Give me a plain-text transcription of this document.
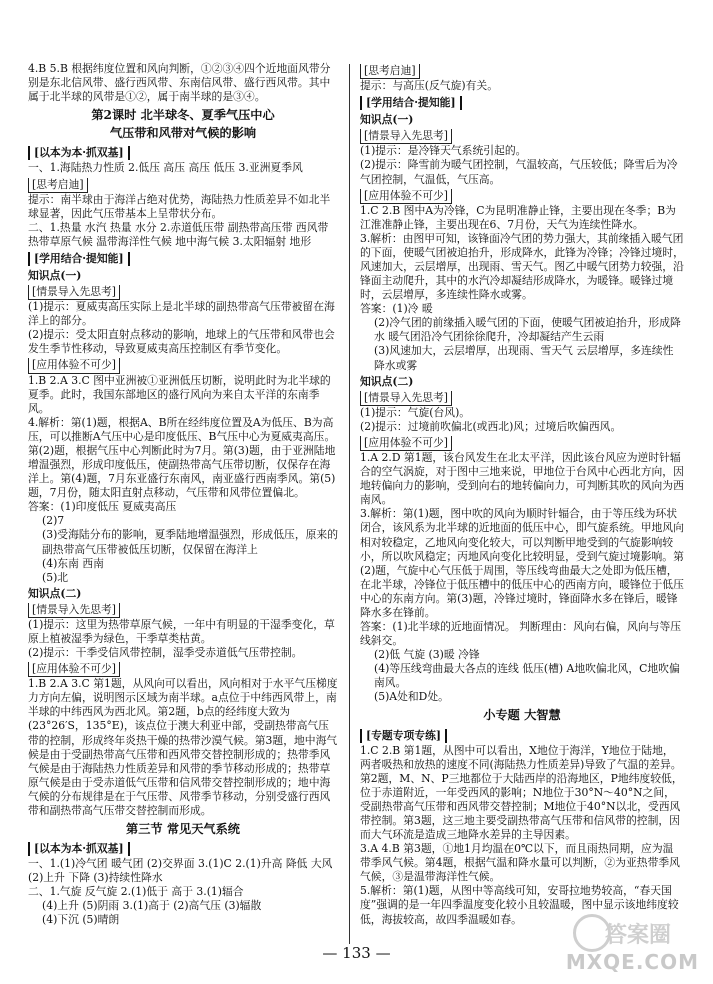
4.B 5.B 根据纬度位置和风向判断，①②③④四个近地面风带分别是东北信风带、盛行西风带、东南信风带、盛行西风带。其中属于北半球的风带是①②，属于南半球的是③④。

第2课时 北半球冬、夏季气压中心
气压带和风带对气候的影响
[以本为本·抓双基]

一、1.海陆热力性质 2.低压 高压 高压 低压 3.亚洲夏季风

[思考启迪]

提示：南半球由于海洋占绝对优势，海陆热力性质差异不如北半球显著，因此气压带基本上呈带状分布。

二、1.热量 水汽 热量 水分 2.赤道低压带 副热带高压带 西风带 热带草原气候 温带海洋性气候 地中海气候 3.太阳辐射 地形

[学用结合·提知能]
知识点(一)
[情景导入先思考]

(1)提示：夏威夷高压实际上是北半球的副热带高气压带被留在海洋上的部分。

(2)提示：受太阳直射点移动的影响，地球上的气压带和风带也会发生季节性移动，导致夏威夷高压控制区有季节变化。

[应用体验不可少]

1.B 2.A 3.C 图中亚洲被①亚洲低压切断，说明此时为北半球的夏季。此时，我国东部地区的盛行风向为来自太平洋的东南季风。

4.解析：第(1)题，根据A、B所在经纬度位置及A为低压、B为高压，可以推断A气压中心是印度低压、B气压中心为夏威夷高压。第(2)题，根据气压中心判断此时为7月。第(3)题，由于亚洲陆地增温强烈，形成印度低压，使副热带高气压带切断，仅保存在海洋上。第(4)题，7月东亚盛行东南风，南亚盛行西南季风。第(5)题，7月份，随太阳直射点移动，气压带和风带位置偏北。

答案：(1)印度低压 夏威夷高压

(2)7

(3)受海陆分布的影响，夏季陆地增温强烈，形成低压，原来的副热带高气压带被低压切断，仅保留在海洋上

(4)东南 西南

(5)北

知识点(二)
[情景导入先思考]

(1)提示：这里为热带草原气候，一年中有明显的干湿季变化，草原上植被湿季为绿色，干季草类枯黄。

(2)提示：干季受信风带控制，湿季受赤道低气压带控制。

[应用体验不可少]

1.B 2.A 3.C 第1题，从风向可以看出，风向相对于水平气压梯度力方向左偏，说明图示区域为南半球。a点位于中纬西风带上，南半球的中纬西风为西北风。第2题，b点的经纬度大致为(23°26′S，135°E)，该点位于澳大利亚中部，受副热带高气压带的控制，形成终年炎热干燥的热带沙漠气候。第3题，地中海气候是由于受副热带高气压带和西风带交替控制形成的；热带季风气候是由于海陆热力性质差异和风带的季节移动形成的；热带草原气候是由于受赤道低气压带和信风带交替控制形成的；地中海气候的分布规律是在于气压带、风带季节移动，分别受盛行西风带和副热带高气压带交替控制而形成。

第三节 常见天气系统
[以本为本·抓双基]

一、1.(1)冷气团 暖气团 (2)交界面 3.(1)C 2.(1)升高 降低 大风 (2)上升 下降 (3)持续性降水

二、1.气旋 反气旋 2.(1)低于 高于 3.(1)辐合

(4)上升 (5)阴雨 3.(1)高于 (2)高气压 (3)辐散

(4)下沉 (5)晴朗

[思考启迪]

提示：与高压(反气旋)有关。

[学用结合·提知能]
知识点(一)
[情景导入先思考]

(1)提示：是冷锋天气系统引起的。

(2)提示：降雪前为暖气团控制，气温较高，气压较低；降雪后为冷气团控制，气温低，气压高。

[应用体验不可少]

1.C 2.B 图中A为冷锋，C为昆明准静止锋，主要出现在冬季；B为江淮准静止锋，主要出现在6、7月份，天气为连续性降水。

3.解析：由图甲可知，该锋面冷气团的势力强大，其前缘插入暖气团的下面，使暖气团被迫抬升，形成降水，此锋为冷锋；冷锋过境时，风速加大，云层增厚，出现雨、雪天气。图乙中暖气团势力较强，沿锋面主动爬升，其中的水汽冷却凝结形成降水，为暖锋。暖锋过境时，云层增厚，多连续性降水或雾。

答案：(1)冷 暖

(2)冷气团的前缘插入暖气团的下面，使暖气团被迫抬升，形成降水 暖气团沿冷气团徐徐爬升，冷却凝结产生云雨

(3)风速加大，云层增厚，出现雨、雪天气 云层增厚，多连续性降水或雾

知识点(二)
[情景导入先思考]

(1)提示：气旋(台风)。

(2)提示：过境前吹偏北(或西北)风；过境后吹偏西风。

[应用体验不可少]

1.A 2.D 第1题，该台风发生在北太平洋，因此该台风应为逆时针辐合的空气涡旋，对于图中三地来说，甲地位于台风中心西北方向，因地转偏向力的影响，受到向右的地转偏向力，可判断其吹的风向为西南风。

3.解析：第(1)题，图中吹的风向为顺时针辐合，由于等压线为环状闭合，该风系为北半球的近地面的低压中心，即气旋系统。甲地风向相对较稳定，乙地风向变化较大，可以判断甲地受到的气旋影响较小，所以吹风稳定；丙地风向变化比较明显，受到气旋过境影响。第(2)题，气旋中心气压低于周围，等压线弯曲最大之处即为低压槽，在北半球，冷锋位于低压槽中的低压中心的西南方向，暖锋位于低压中心的东南方向。第(3)题，冷锋过境时，锋面降水多在锋后，暖锋降水多在锋前。

答案：(1)北半球的近地面情况。 判断理由：风向右偏，风向与等压线斜交。

(2)低 气旋 (3)暖 冷锋

(4)等压线弯曲最大各点的连线 低压(槽) A地吹偏北风，C地吹偏南风。

(5)A处和D处。

小专题 大智慧
[专题专项专练]

1.C 2.B 第1题，从图中可以看出，X地位于海洋，Y地位于陆地，两者吸热和放热的速度不同(海陆热力性质差异)导致了气温的差异。第2题，M、N、P三地都位于大陆西岸的沿海地区，P地纬度较低，位于赤道附近，一年受西风的影响；N地位于30°N～40°N之间，受副热带高气压带和西风带交替控制；M地位于40°N以北，受西风带控制。第3题，这三地主要受副热带高气压带和信风带的控制，因而大气环流是造成三地降水差异的主导因素。

3.A 4.B 第3题，①地1月均温在0℃以下，而且雨热同期，应为温带季风气候。第4题，根据气温和降水量可以判断，②为亚热带季风气候，③是温带海洋性气候。

5.解析：第(1)题，从图中等高线可知，安哥拉地势较高，“春天国度”强调的是一年四季温度变化较小且较温暖，图中显示该地纬度较低，海拔较高，故四季温暖如春。

— 133 —
答案圈
MXQE.COM
